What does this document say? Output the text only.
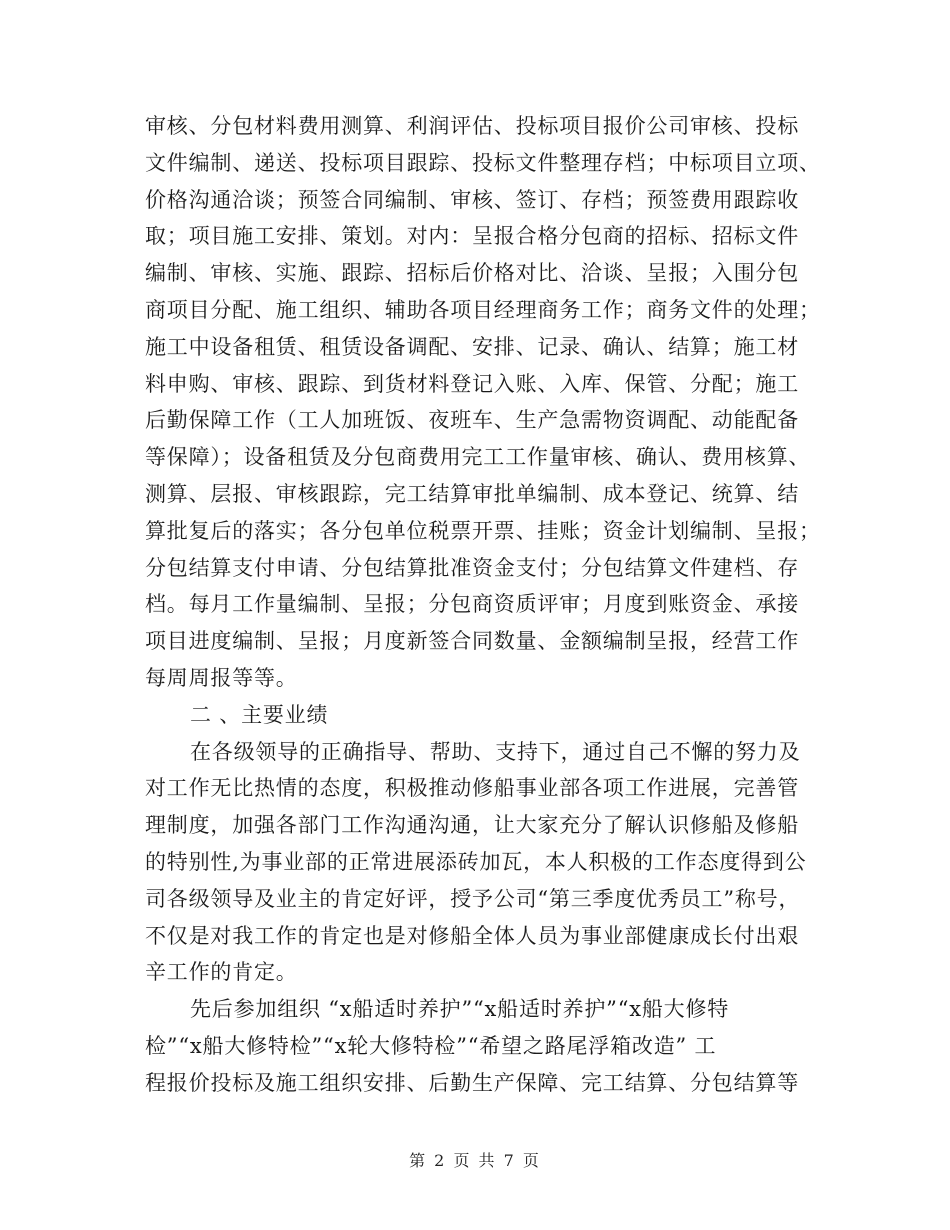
审核、分包材料费用测算、利润评估、投标项目报价公司审核、投标
文件编制、递送、投标项目跟踪、投标文件整理存档；中标项目立项、
价格沟通洽谈；预签合同编制、审核、签订、存档；预签费用跟踪收
取；项目施工安排、策划。对内：呈报合格分包商的招标、招标文件
编制、审核、实施、跟踪、招标后价格对比、洽谈、呈报；入围分包
商项目分配、施工组织、辅助各项目经理商务工作；商务文件的处理；
施工中设备租赁、租赁设备调配、安排、记录、确认、结算；施工材
料申购、审核、跟踪、到货材料登记入账、入库、保管、分配；施工
后勤保障工作（工人加班饭、夜班车、生产急需物资调配、动能配备
等保障）；设备租赁及分包商费用完工工作量审核、确认、费用核算、
测算、层报、审核跟踪，完工结算审批单编制、成本登记、统算、结
算批复后的落实；各分包单位税票开票、挂账；资金计划编制、呈报；
分包结算支付申请、分包结算批准资金支付；分包结算文件建档、存
档。每月工作量编制、呈报；分包商资质评审；月度到账资金、承接
项目进度编制、呈报；月度新签合同数量、金额编制呈报，经营工作
每周周报等等。
二 、主要业绩
在各级领导的正确指导、帮助、支持下，通过自己不懈的努力及
对工作无比热情的态度，积极推动修船事业部各项工作进展，完善管
理制度，加强各部门工作沟通沟通，让大家充分了解认识修船及修船
的特别性,为事业部的正常进展添砖加瓦，本人积极的工作态度得到公
司各级领导及业主的肯定好评，授予公司“第三季度优秀员工”称号，
不仅是对我工作的肯定也是对修船全体人员为事业部健康成长付出艰
辛工作的肯定。
先后参加组织 “x船适时养护”“x船适时养护”“x船大修特
检”“x船大修特检”“x轮大修特检”“希望之路尾浮箱改造” 工
程报价投标及施工组织安排、后勤生产保障、完工结算、分包结算等
第 2 页 共 7 页
